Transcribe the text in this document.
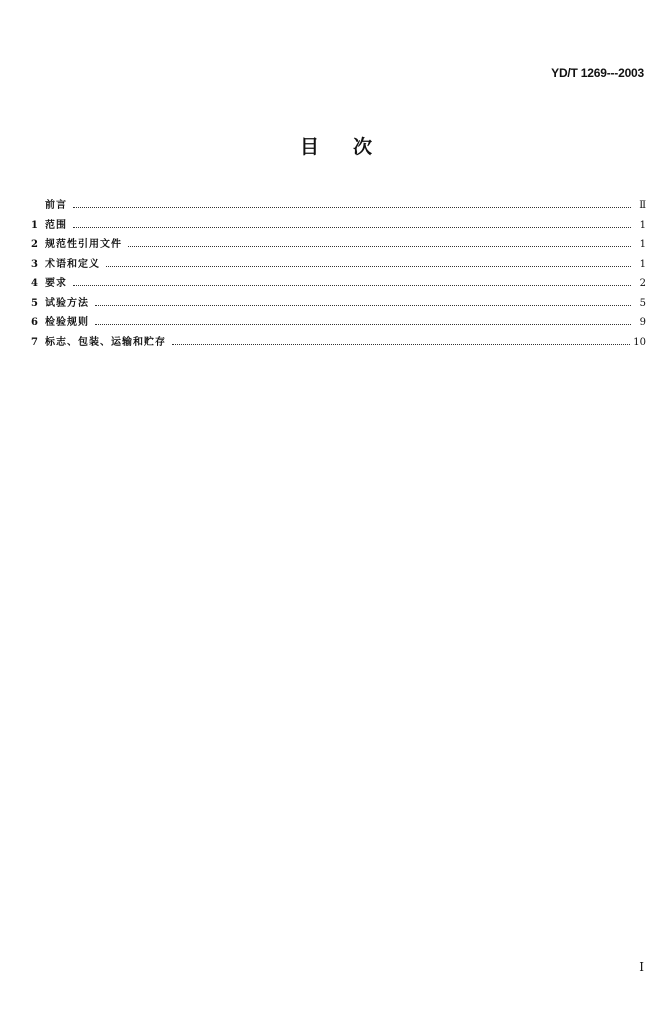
YD/T 1269---2003
目次
前言	Ⅱ
1 范围	1
2 规范性引用文件	1
3 术语和定义	1
4 要求	2
5 试验方法	5
6 检验规则	9
7 标志、包装、运输和贮存	10
I
